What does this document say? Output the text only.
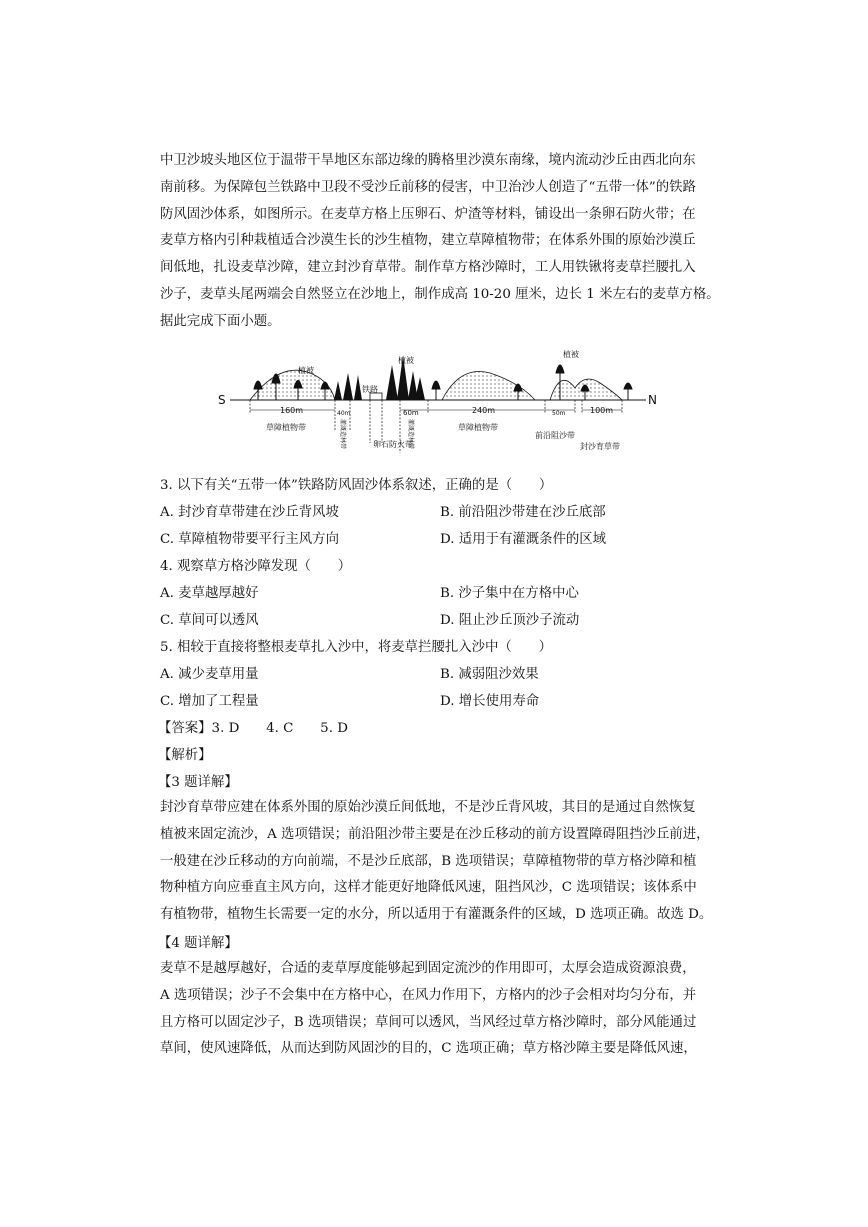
中卫沙坡头地区位于温带干旱地区东部边缘的腾格里沙漠东南缘，境内流动沙丘由西北向东
南前移。为保障包兰铁路中卫段不受沙丘前移的侵害，中卫治沙人创造了“五带一体”的铁路
防风固沙体系，如图所示。在麦草方格上压卵石、炉渣等材料，铺设出一条卵石防火带；在
麦草方格内引种栽植适合沙漠生长的沙生植物，建立草障植物带；在体系外围的原始沙漠丘
间低地，扎设麦草沙障，建立封沙育草带。制作草方格沙障时，工人用铁锹将麦草拦腰扎入
沙子，麦草头尾两端会自然竖立在沙地上，制作成高 10-20 厘米，边长 1 米左右的麦草方格。
据此完成下面小题。
S	N
植被
植被
植被
铁路
160m	40m	60m	240m	50m	100m
草障植物带
卵石防火带
草障植物带
前沿阻沙带
封沙育草带
灌溉造林带	灌溉造林带
3. 以下有关“五带一体”铁路防风固沙体系叙述，正确的是（　　）
A. 封沙育草带建在沙丘背风坡	B. 前沿阻沙带建在沙丘底部
C. 草障植物带要平行主风方向	D. 适用于有灌溉条件的区域
4. 观察草方格沙障发现（　　）
A. 麦草越厚越好	B. 沙子集中在方格中心
C. 草间可以透风	D. 阻止沙丘顶沙子流动
5. 相较于直接将整根麦草扎入沙中，将麦草拦腰扎入沙中（　　）
A. 减少麦草用量	B. 减弱阻沙效果
C. 增加了工程量	D. 增长使用寿命
【答案】3. D　　4. C　　5. D
【解析】
【3 题详解】
封沙育草带应建在体系外围的原始沙漠丘间低地，不是沙丘背风坡，其目的是通过自然恢复
植被来固定流沙，A 选项错误；前沿阻沙带主要是在沙丘移动的前方设置障碍阻挡沙丘前进，
一般建在沙丘移动的方向前端，不是沙丘底部，B 选项错误；草障植物带的草方格沙障和植
物种植方向应垂直主风方向，这样才能更好地降低风速，阻挡风沙，C 选项错误；该体系中
有植物带，植物生长需要一定的水分，所以适用于有灌溉条件的区域，D 选项正确。故选 D。
【4 题详解】
麦草不是越厚越好，合适的麦草厚度能够起到固定流沙的作用即可，太厚会造成资源浪费，
A 选项错误；沙子不会集中在方格中心，在风力作用下，方格内的沙子会相对均匀分布，并
且方格可以固定沙子，B 选项错误；草间可以透风，当风经过草方格沙障时，部分风能通过
草间，使风速降低，从而达到防风固沙的目的，C 选项正确；草方格沙障主要是降低风速，
